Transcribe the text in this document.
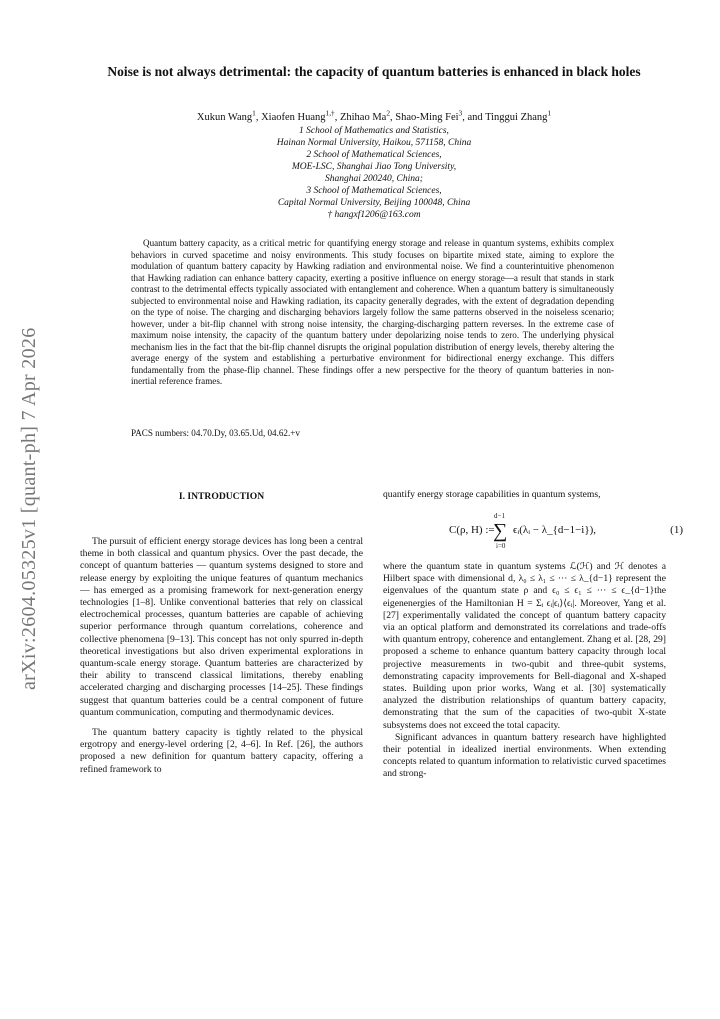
arXiv:2604.05325v1 [quant-ph] 7 Apr 2026
Noise is not always detrimental: the capacity of quantum batteries is enhanced in black holes
Xukun Wang$^1$, Xiaofen Huang$^{1,\dagger}$, Zhihao Ma$^2$, Shao-Ming Fei$^3$, and Tinggui Zhang$^1$
1 School of Mathematics and Statistics,
Hainan Normal University, Haikou, 571158, China
2 School of Mathematical Sciences,
MOE-LSC, Shanghai Jiao Tong University,
Shanghai 200240, China;
3 School of Mathematical Sciences,
Capital Normal University, Beijing 100048, China
† hangxf1206@163.com
Quantum battery capacity, as a critical metric for quantifying energy storage and release in quantum systems, exhibits complex behaviors in curved spacetime and noisy environments. This study focuses on bipartite mixed state, aiming to explore the modulation of quantum battery capacity by Hawking radiation and environmental noise. We find a counterintuitive phenomenon that Hawking radiation can enhance battery capacity, exerting a positive influence on energy storage—a result that stands in stark contrast to the detrimental effects typically associated with entanglement and coherence. When a quantum battery is simultaneously subjected to environmental noise and Hawking radiation, its capacity generally degrades, with the extent of degradation depending on the type of noise. The charging and discharging behaviors largely follow the same patterns observed in the noiseless scenario; however, under a bit-flip channel with strong noise intensity, the charging-discharging pattern reverses. In the extreme case of maximum noise intensity, the capacity of the quantum battery under depolarizing noise tends to zero. The underlying physical mechanism lies in the fact that the bit-flip channel disrupts the original population distribution of energy levels, thereby altering the average energy of the system and establishing a perturbative environment for bidirectional energy exchange. This differs fundamentally from the phase-flip channel. These findings offer a new perspective for the theory of quantum batteries in non-inertial reference frames.
PACS numbers: 04.70.Dy, 03.65.Ud, 04.62.+v
I. INTRODUCTION

The pursuit of efficient energy storage devices has long been a central theme in both classical and quantum physics. Over the past decade, the concept of quantum batteries — quantum systems designed to store and release energy by exploiting the unique features of quantum mechanics — has emerged as a promising framework for next-generation energy technologies [1–8]. Unlike conventional batteries that rely on classical electrochemical processes, quantum batteries are capable of achieving superior performance through quantum correlations, coherence and collective phenomena [9–13]. This concept has not only spurred in-depth theoretical investigations but also driven experimental explorations in quantum-scale energy storage. Quantum batteries are characterized by their ability to transcend classical limitations, thereby enabling accelerated charging and discharging processes [14–25]. These findings suggest that quantum batteries could be a central component of future quantum communication, computing and thermodynamic devices.

The quantum battery capacity is tightly related to the physical ergotropy and energy-level ordering [2, 4–6]. In Ref. [26], the authors proposed a new definition for quantum battery capacity, offering a refined framework to

quantify energy storage capabilities in quantum systems,

C(ρ, H) :=
d−1
∑
i=0
ϵᵢ(λᵢ − λ_{d−1−i}),	(1)

where the quantum state in quantum systems ℒ(ℋ) and ℋ denotes a Hilbert space with dimensional d, λ₀ ≤ λ₁ ≤ ··· ≤ λ_{d−1} represent the eigenvalues of the quantum state ρ and ϵ₀ ≤ ϵ₁ ≤ ··· ≤ ϵ_{d−1}the eigenenergies of the Hamiltonian H = Σᵢ ϵᵢ|ϵᵢ⟩⟨ϵᵢ|. Moreover, Yang et al. [27] experimentally validated the concept of quantum battery capacity via an optical platform and demonstrated its correlations and trade-offs with quantum entropy, coherence and entanglement. Zhang et al. [28, 29] proposed a scheme to enhance quantum battery capacity through local projective measurements in two-qubit and three-qubit systems, demonstrating capacity improvements for Bell-diagonal and X-shaped states. Building upon prior works, Wang et al. [30] systematically analyzed the distribution relationships of quantum battery capacity, demonstrating that the sum of the capacities of two-qubit X-state subsystems does not exceed the total capacity.

Significant advances in quantum battery research have highlighted their potential in idealized inertial environments. When extending concepts related to quantum information to relativistic curved spacetimes and strong-
